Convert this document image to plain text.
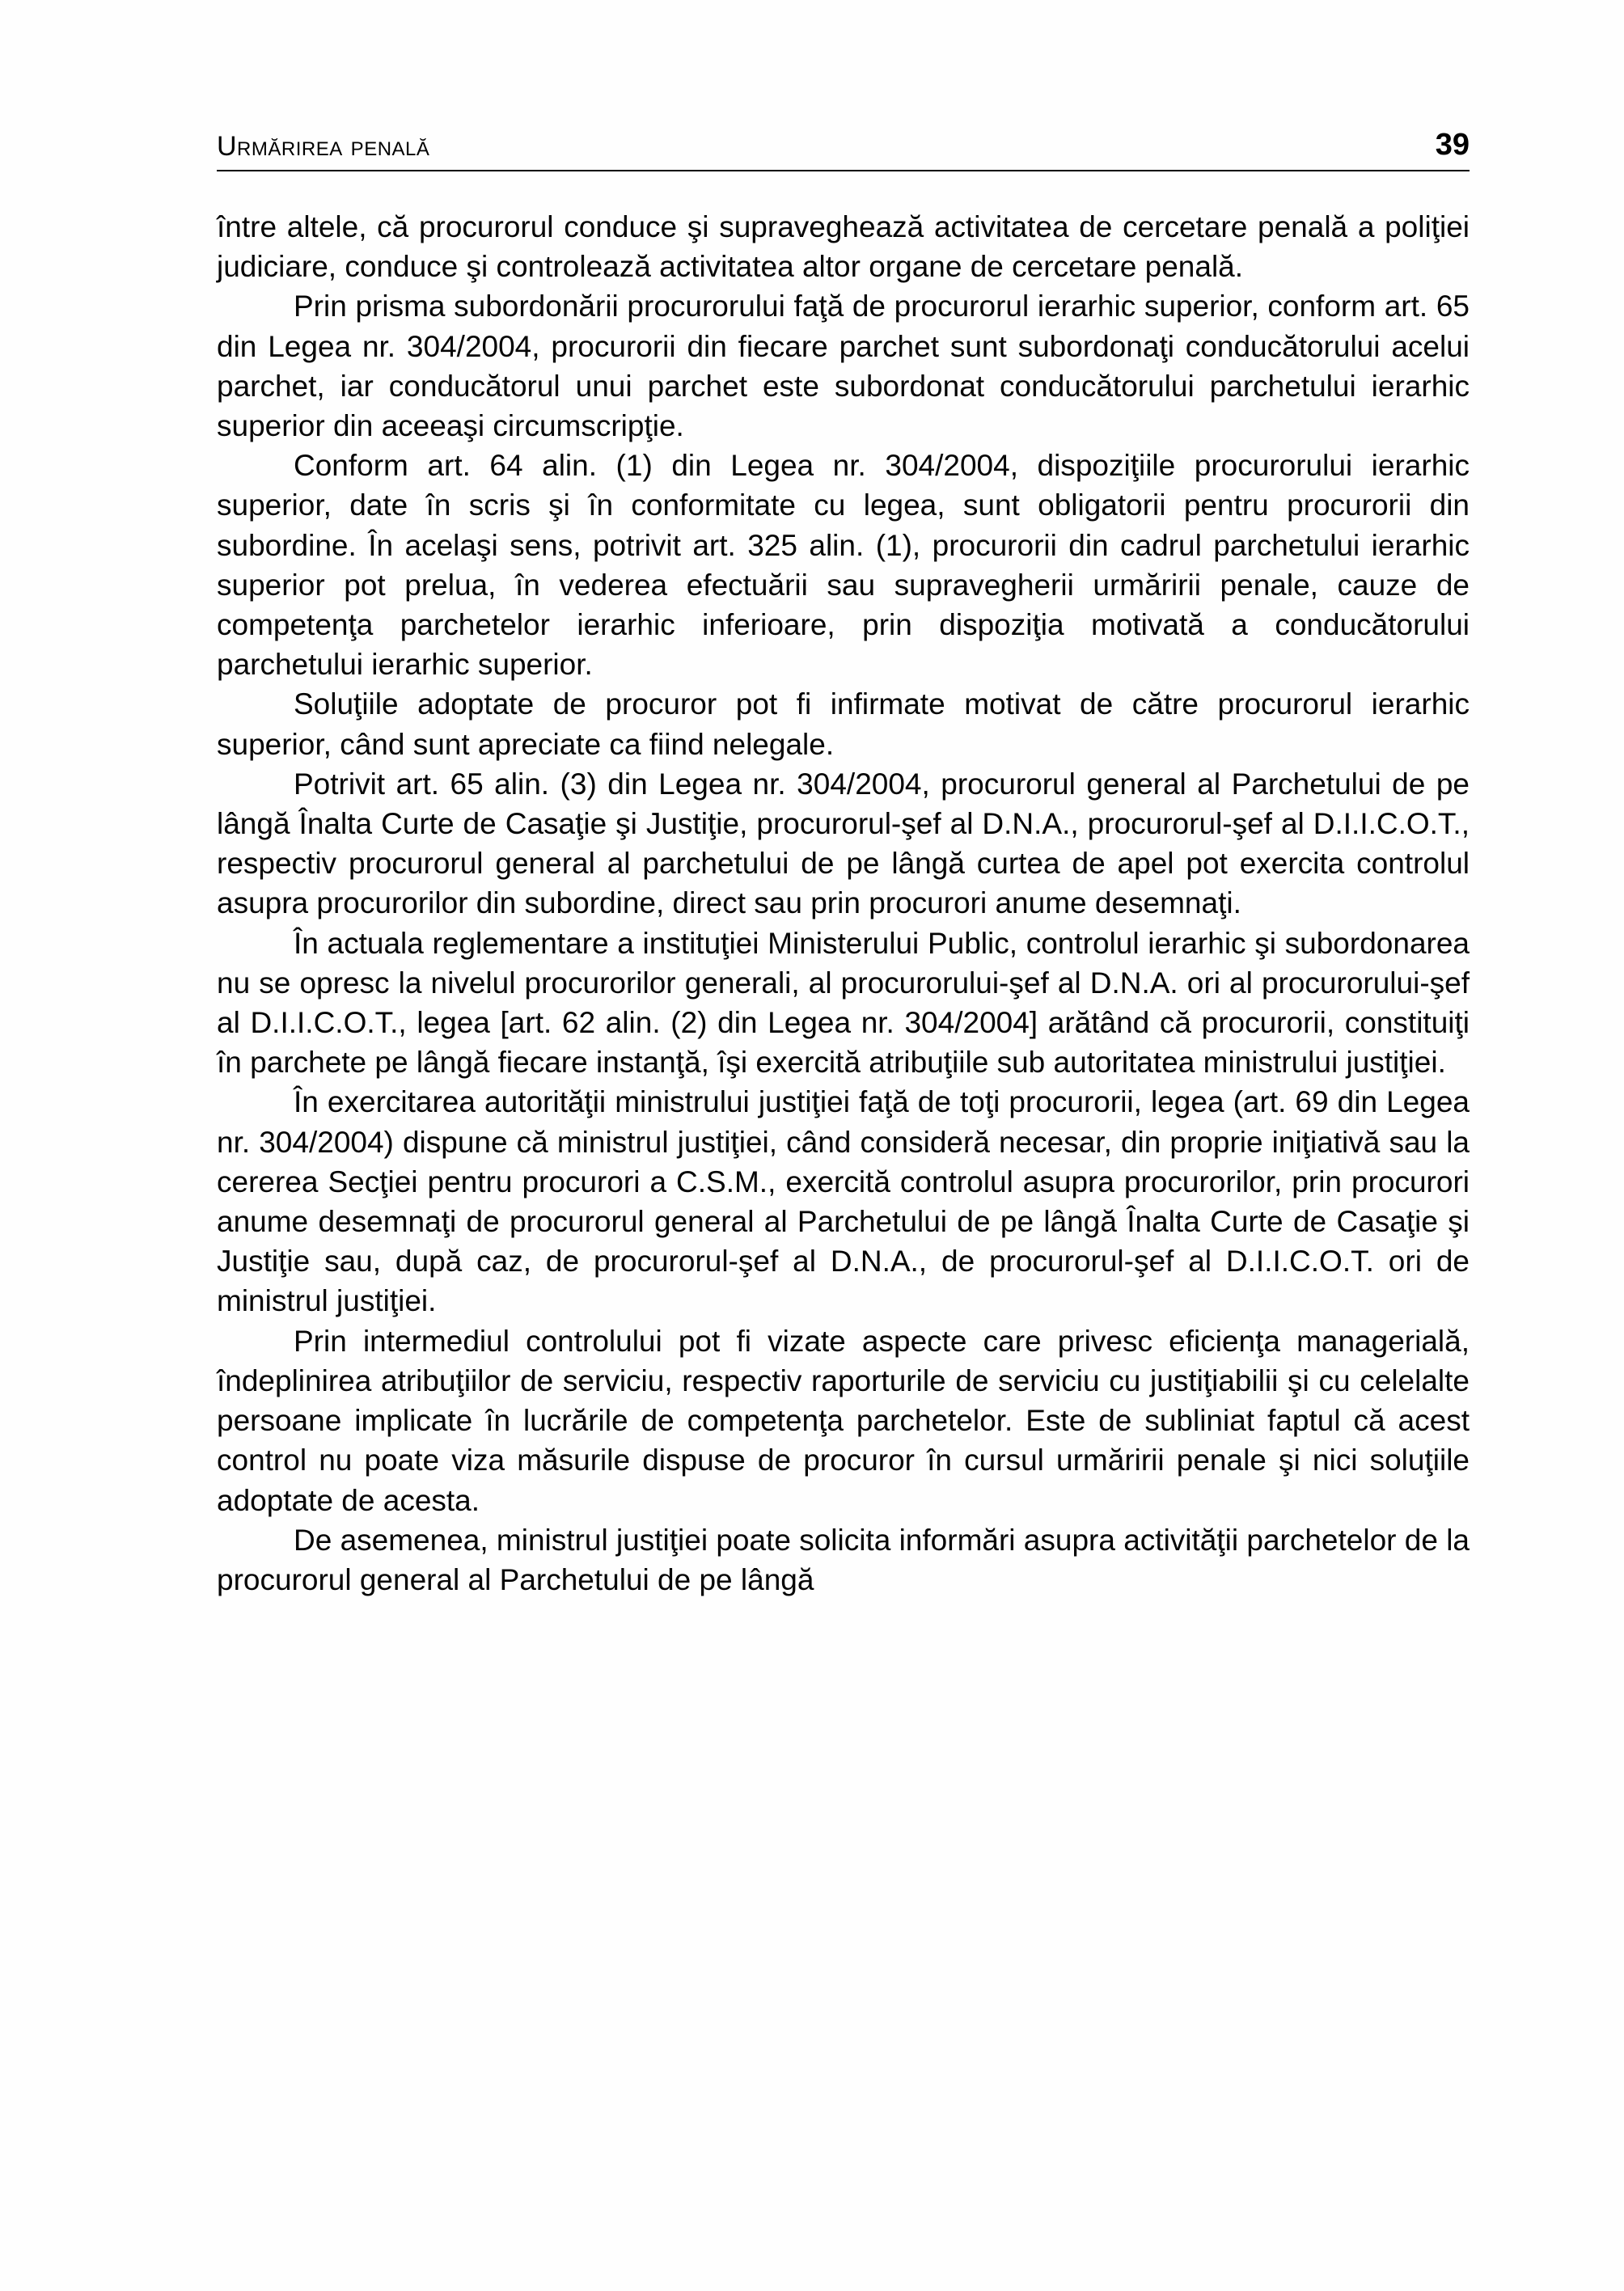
Urmărirea penală	39

între altele, că procurorul conduce şi supraveghează activitatea de cercetare penală a poliţiei judiciare, conduce şi controlează activitatea altor organe de cercetare penală.

Prin prisma subordonării procurorului faţă de procurorul ierarhic superior, conform art. 65 din Legea nr. 304/2004, procurorii din fiecare parchet sunt subordonaţi conducătorului acelui parchet, iar conducătorul unui parchet este subordonat conducătorului parchetului ierarhic superior din aceeaşi circumscripţie.

Conform art. 64 alin. (1) din Legea nr. 304/2004, dispoziţiile procurorului ierarhic superior, date în scris şi în conformitate cu legea, sunt obligatorii pentru procurorii din subordine. În acelaşi sens, potrivit art. 325 alin. (1), procurorii din cadrul parchetului ierarhic superior pot prelua, în vederea efectuării sau supravegherii urmăririi penale, cauze de competenţa parchetelor ierarhic inferioare, prin dispoziţia motivată a conducătorului parchetului ierarhic superior.

Soluţiile adoptate de procuror pot fi infirmate motivat de către procurorul ierarhic superior, când sunt apreciate ca fiind nelegale.

Potrivit art. 65 alin. (3) din Legea nr. 304/2004, procurorul general al Parchetului de pe lângă Înalta Curte de Casaţie şi Justiţie, procurorul-şef al D.N.A., procurorul-şef al D.I.I.C.O.T., respectiv procurorul general al parchetului de pe lângă curtea de apel pot exercita controlul asupra procurorilor din subordine, direct sau prin procurori anume desemnaţi.

În actuala reglementare a instituţiei Ministerului Public, controlul ierarhic şi subordonarea nu se opresc la nivelul procurorilor generali, al procurorului-şef al D.N.A. ori al procurorului-şef al D.I.I.C.O.T., legea [art. 62 alin. (2) din Legea nr. 304/2004] arătând că procurorii, constituiţi în parchete pe lângă fiecare instanţă, îşi exercită atribuţiile sub autoritatea ministrului justiţiei.

În exercitarea autorităţii ministrului justiţiei faţă de toţi procurorii, legea (art. 69 din Legea nr. 304/2004) dispune că ministrul justiţiei, când consideră necesar, din proprie iniţiativă sau la cererea Secţiei pentru procurori a C.S.M., exercită controlul asupra procurorilor, prin procurori anume desemnaţi de procurorul general al Parchetului de pe lângă Înalta Curte de Casaţie şi Justiţie sau, după caz, de procurorul-şef al D.N.A., de procurorul-şef al D.I.I.C.O.T. ori de ministrul justiţiei.

Prin intermediul controlului pot fi vizate aspecte care privesc eficienţa managerială, îndeplinirea atribuţiilor de serviciu, respectiv raporturile de serviciu cu justiţiabilii şi cu celelalte persoane implicate în lucrările de competenţa parchetelor. Este de subliniat faptul că acest control nu poate viza măsurile dispuse de procuror în cursul urmăririi penale şi nici soluţiile adoptate de acesta.

De asemenea, ministrul justiţiei poate solicita informări asupra activităţii parchetelor de la procurorul general al Parchetului de pe lângă
